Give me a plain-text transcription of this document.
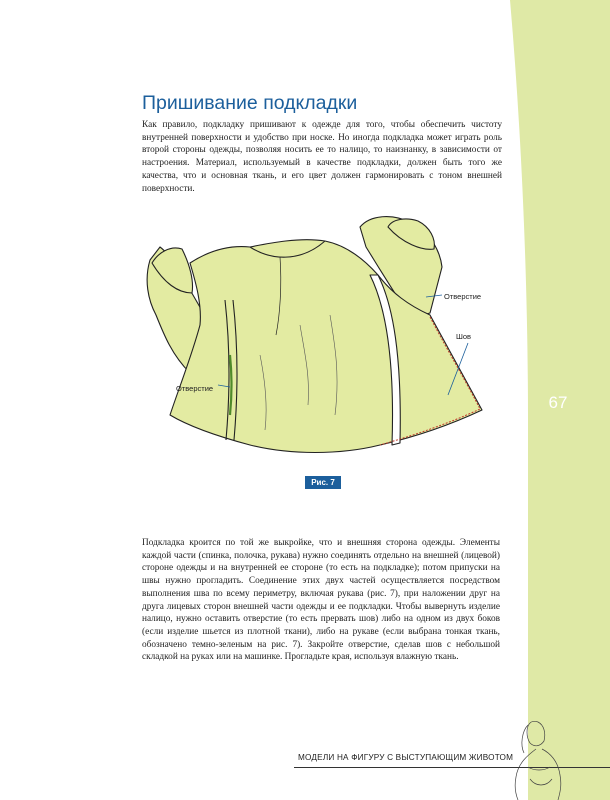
67
Пришивание подкладки

Как правило, подкладку пришивают к одежде для того, чтобы обеспечить чистоту внутренней поверхности и удобство при носке. Но иногда подкладка может играть роль второй стороны одежды, позволяя носить ее то налицо, то наизнанку, в зависимости от настроения. Материал, используемый в качестве подкладки, должен быть того же качества, что и основная ткань, и его цвет должен гармонировать с тоном внешней поверхности.

Отверстие
Шов
Отверстие
Рис. 7

Подкладка кроится по той же выкройке, что и внешняя сторона одежды. Элементы каждой части (спинка, полочка, рукава) нужно соединять отдельно на внешней (лицевой) стороне одежды и на внутренней ее стороне (то есть на подкладке); потом припуски на швы нужно прогладить. Соединение этих двух частей осуществляется посредством выполнения шва по всему периметру, включая рукава (рис. 7), при наложении друг на друга лицевых сторон внешней части одежды и ее подкладки. Чтобы вывернуть изделие налицо, нужно оставить отверстие (то есть прервать шов) либо на одном из двух боков (если изделие шьется из плотной ткани), либо на рукаве (если выбрана тонкая ткань, обозначено темно-зеленым на рис. 7). Закройте отверстие, сделав шов с небольшой складкой на руках или на машинке. Прогладьте края, используя влажную ткань.

МОДЕЛИ НА ФИГУРУ С ВЫСТУПАЮЩИМ ЖИВОТОМ
